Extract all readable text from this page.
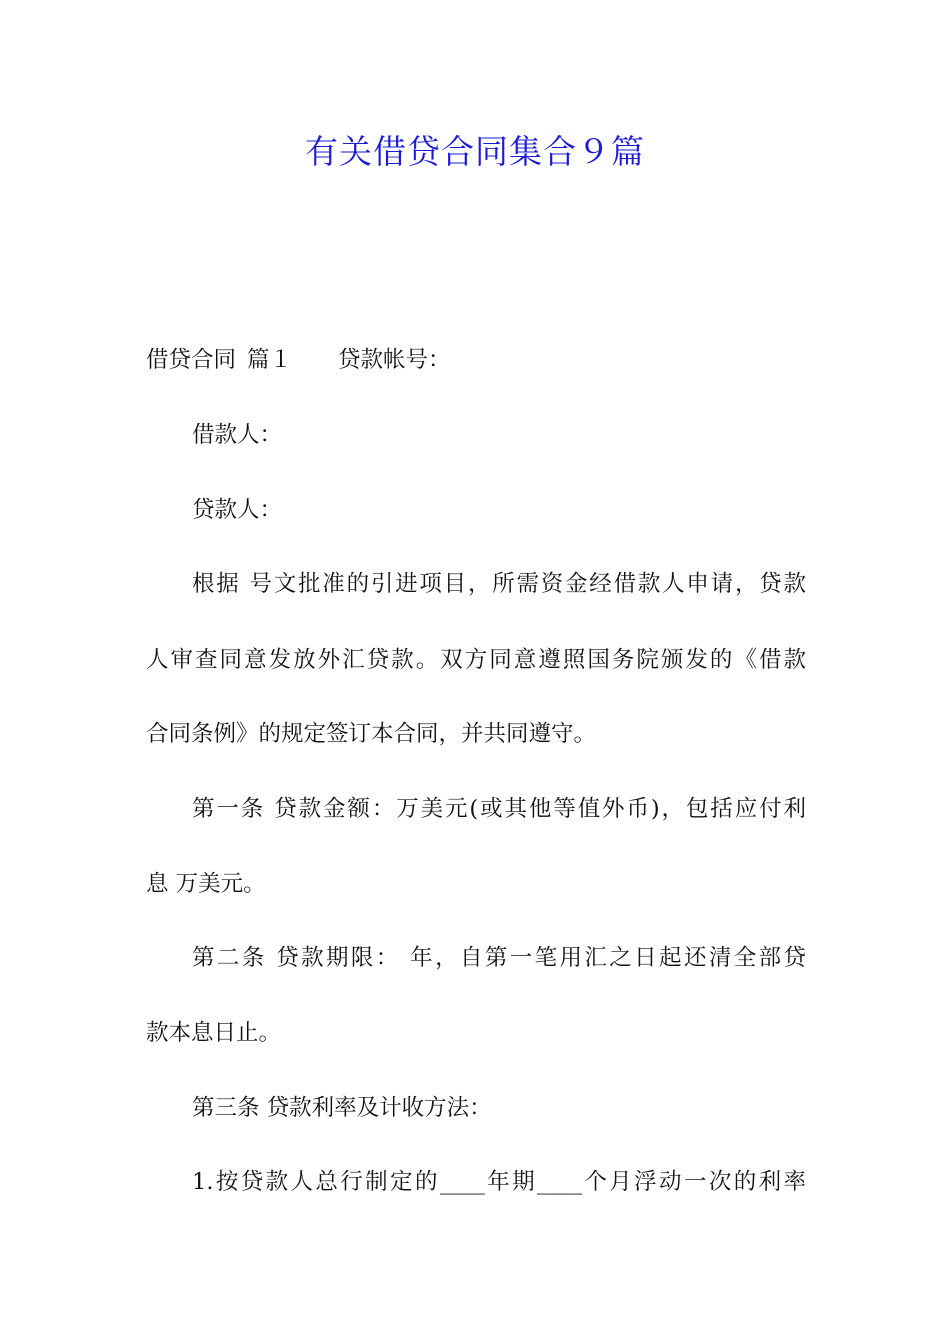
有关借贷合同集合９篇
借贷合同 篇１ 贷款帐号：
借款人：
贷款人：
根据 号文批准的引进项目，所需资金经借款人申请，贷款
人审查同意发放外汇贷款。双方同意遵照国务院颁发的《借款
合同条例》的规定签订本合同，并共同遵守。
第一条 贷款金额：万美元(或其他等值外币)，包括应付利
息 万美元。
第二条 贷款期限： 年，自第一笔用汇之日起还清全部贷
款本息日止。
第三条 贷款利率及计收方法：
1.按贷款人总行制定的____年期____个月浮动一次的利率
